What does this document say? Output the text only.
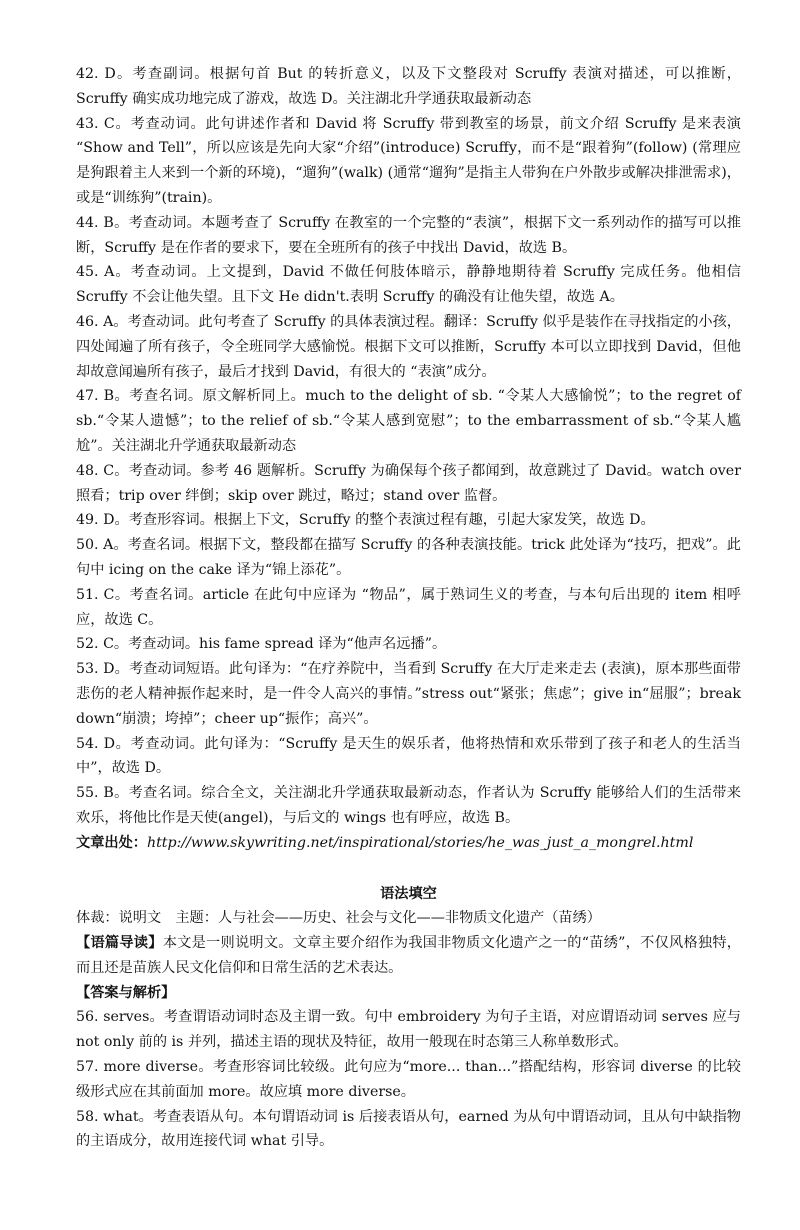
42. D。考查副词。根据句首 But 的转折意义，以及下文整段对 Scruffy 表演对描述，可以推断，Scruffy 确实成功地完成了游戏，故选 D。关注湖北升学通获取最新动态

43. C。考查动词。此句讲述作者和 David 将 Scruffy 带到教室的场景，前文介绍 Scruffy 是来表演 “Show and Tell”，所以应该是先向大家“介绍”(introduce) Scruffy，而不是“跟着狗”(follow) (常理应是狗跟着主人来到一个新的环境)，“遛狗”(walk) (通常“遛狗”是指主人带狗在户外散步或解决排泄需求)，或是“训练狗”(train)。

44. B。考查动词。本题考查了 Scruffy 在教室的一个完整的“表演”，根据下文一系列动作的描写可以推断，Scruffy 是在作者的要求下，要在全班所有的孩子中找出 David，故选 B。

45. A。考查动词。上文提到，David 不做任何肢体暗示，静静地期待着 Scruffy 完成任务。他相信 Scruffy 不会让他失望。且下文 He didn't.表明 Scruffy 的确没有让他失望，故选 A。

46. A。考查动词。此句考查了 Scruffy 的具体表演过程。翻译：Scruffy 似乎是装作在寻找指定的小孩，四处闻遍了所有孩子，令全班同学大感愉悦。根据下文可以推断，Scruffy 本可以立即找到 David，但他却故意闻遍所有孩子，最后才找到 David，有很大的 “表演”成分。

47. B。考查名词。原文解析同上。much to the delight of sb. “令某人大感愉悦”；to the regret of sb.“令某人遗憾”；to the relief of sb.“令某人感到宽慰”；to the embarrassment of sb.“令某人尴尬”。关注湖北升学通获取最新动态

48. C。考查动词。参考 46 题解析。Scruffy 为确保每个孩子都闻到，故意跳过了 David。watch over 照看；trip over 绊倒；skip over 跳过，略过；stand over 监督。

49. D。考查形容词。根据上下文，Scruffy 的整个表演过程有趣，引起大家发笑，故选 D。

50. A。考查名词。根据下文，整段都在描写 Scruffy 的各种表演技能。trick 此处译为“技巧，把戏”。此句中 icing on the cake 译为“锦上添花”。

51. C。考查名词。article 在此句中应译为 “物品”，属于熟词生义的考查，与本句后出现的 item 相呼应，故选 C。

52. C。考查动词。his fame spread 译为“他声名远播”。

53. D。考查动词短语。此句译为：“在疗养院中，当看到 Scruffy 在大厅走来走去 (表演)，原本那些面带悲伤的老人精神振作起来时，是一件令人高兴的事情。”stress out“紧张；焦虑”；give in“屈服”；break down“崩溃；垮掉”；cheer up“振作；高兴”。

54. D。考查动词。此句译为：“Scruffy 是天生的娱乐者，他将热情和欢乐带到了孩子和老人的生活当中”，故选 D。

55. B。考查名词。综合全文，关注湖北升学通获取最新动态，作者认为 Scruffy 能够给人们的生活带来欢乐，将他比作是天使(angel)，与后文的 wings 也有呼应，故选 B。

文章出处：http://www.skywriting.net/inspirational/stories/he_was_just_a_mongrel.html

语法填空

体裁：说明文　主题：人与社会——历史、社会与文化——非物质文化遗产（苗绣）

【语篇导读】本文是一则说明文。文章主要介绍作为我国非物质文化遗产之一的“苗绣”，不仅风格独特，而且还是苗族人民文化信仰和日常生活的艺术表达。

【答案与解析】

56. serves。考查谓语动词时态及主谓一致。句中 embroidery 为句子主语，对应谓语动词 serves 应与 not only 前的 is 并列，描述主语的现状及特征，故用一般现在时态第三人称单数形式。

57. more diverse。考查形容词比较级。此句应为“more... than...”搭配结构，形容词 diverse 的比较级形式应在其前面加 more。故应填 more diverse。

58. what。考查表语从句。本句谓语动词 is 后接表语从句，earned 为从句中谓语动词，且从句中缺指物的主语成分，故用连接代词 what 引导。
